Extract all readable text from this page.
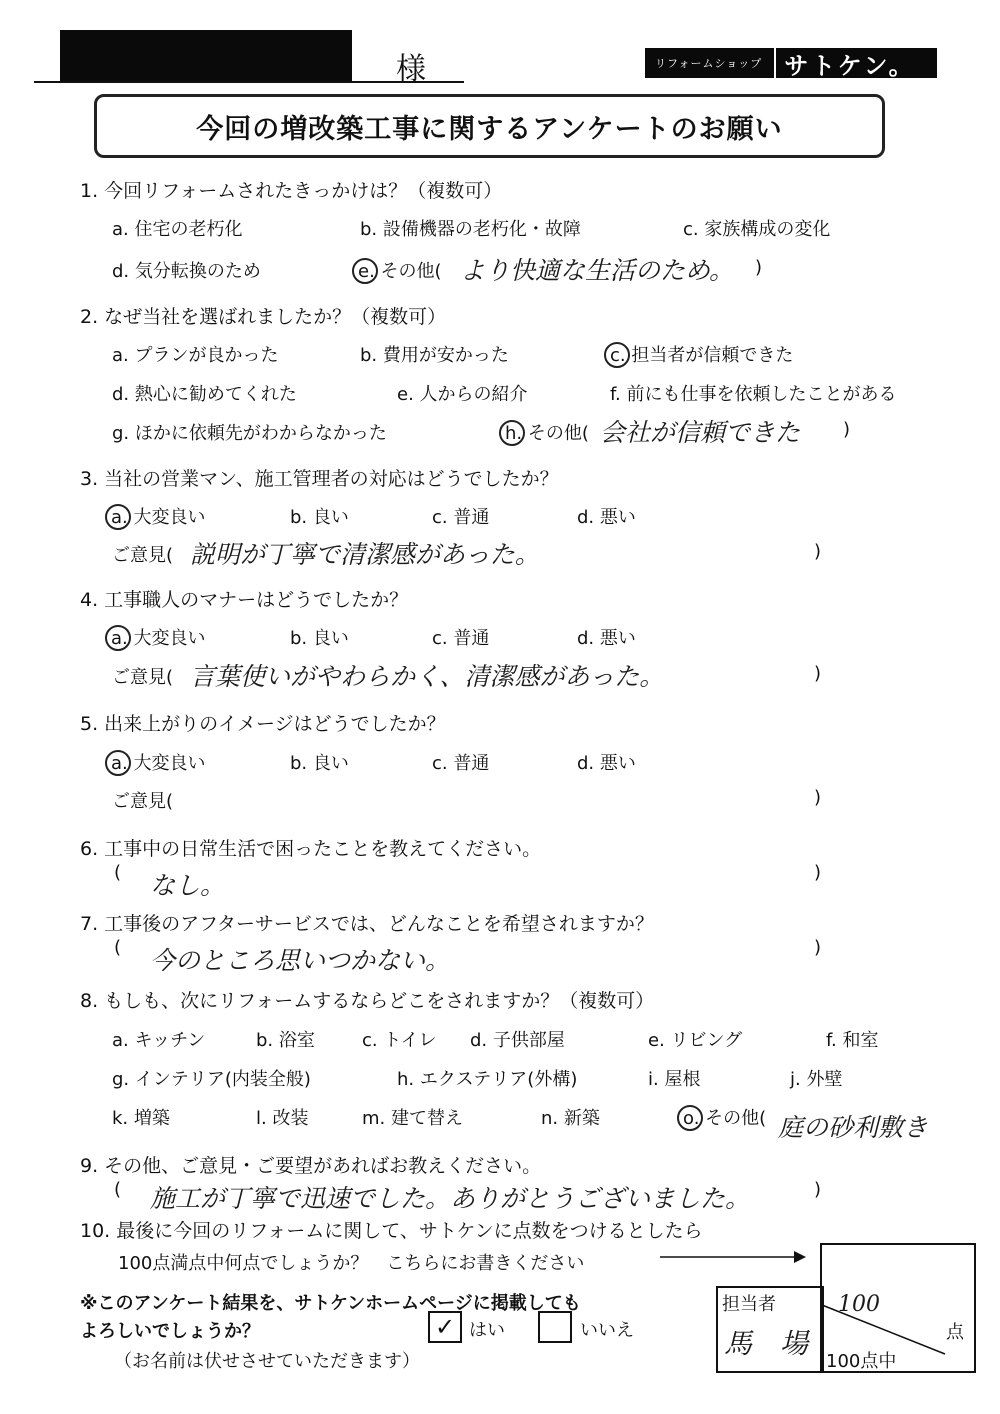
様	リフォームショップ サトケン。
今回の増改築工事に関するアンケートのお願い
1. 今回リフォームされたきっかけは？（複数可）
a. 住宅の老朽化	b. 設備機器の老朽化・故障	c. 家族構成の変化
d. 気分転換のため	e. その他( より快適な生活のため。 )
2. なぜ当社を選ばれましたか？（複数可）
a. プランが良かった	b. 費用が安かった	c. 担当者が信頼できた
d. 熱心に勧めてくれた	e. 人からの紹介	f. 前にも仕事を依頼したことがある
g. ほかに依頼先がわからなかった	h. その他( 会社が信頼できた )
3. 当社の営業マン、施工管理者の対応はどうでしたか？
a. 大変良い	b. 良い	c. 普通	d. 悪い
ご意見( 説明が丁寧で清潔感があった。	)
4. 工事職人のマナーはどうでしたか？
a. 大変良い	b. 良い	c. 普通	d. 悪い
ご意見( 言葉使いがやわらかく、清潔感があった。	)
5. 出来上がりのイメージはどうでしたか？
a. 大変良い	b. 良い	c. 普通	d. 悪い
ご意見(	)
6. 工事中の日常生活で困ったことを教えてください。
( なし。	)
7. 工事後のアフターサービスでは、どんなことを希望されますか？
( 今のところ思いつかない。	)
8. もしも、次にリフォームするならどこをされますか？（複数可）
a. キッチン	b. 浴室	c. トイレ d. 子供部屋	e. リビング	f. 和室
g. インテリア(内装全般)	h. エクステリア(外構)	i. 屋根	j. 外壁
k. 増築	l. 改装	m. 建て替え	n. 新築	o. その他( 庭の砂利敷き
9. その他、ご意見・ご要望があればお教えください。
( 施工が丁寧で迅速でした。ありがとうございました。	)
10. 最後に今回のリフォームに関して、サトケンに点数をつけるとしたら
100点満点中何点でしょうか？　こちらにお書きください
100
点
100点中
担当者
馬　場
※このアンケート結果を、サトケンホームページに掲載しても
よろしいでしょうか？
（お名前は伏せさせていただきます）
✓ はい	いいえ
